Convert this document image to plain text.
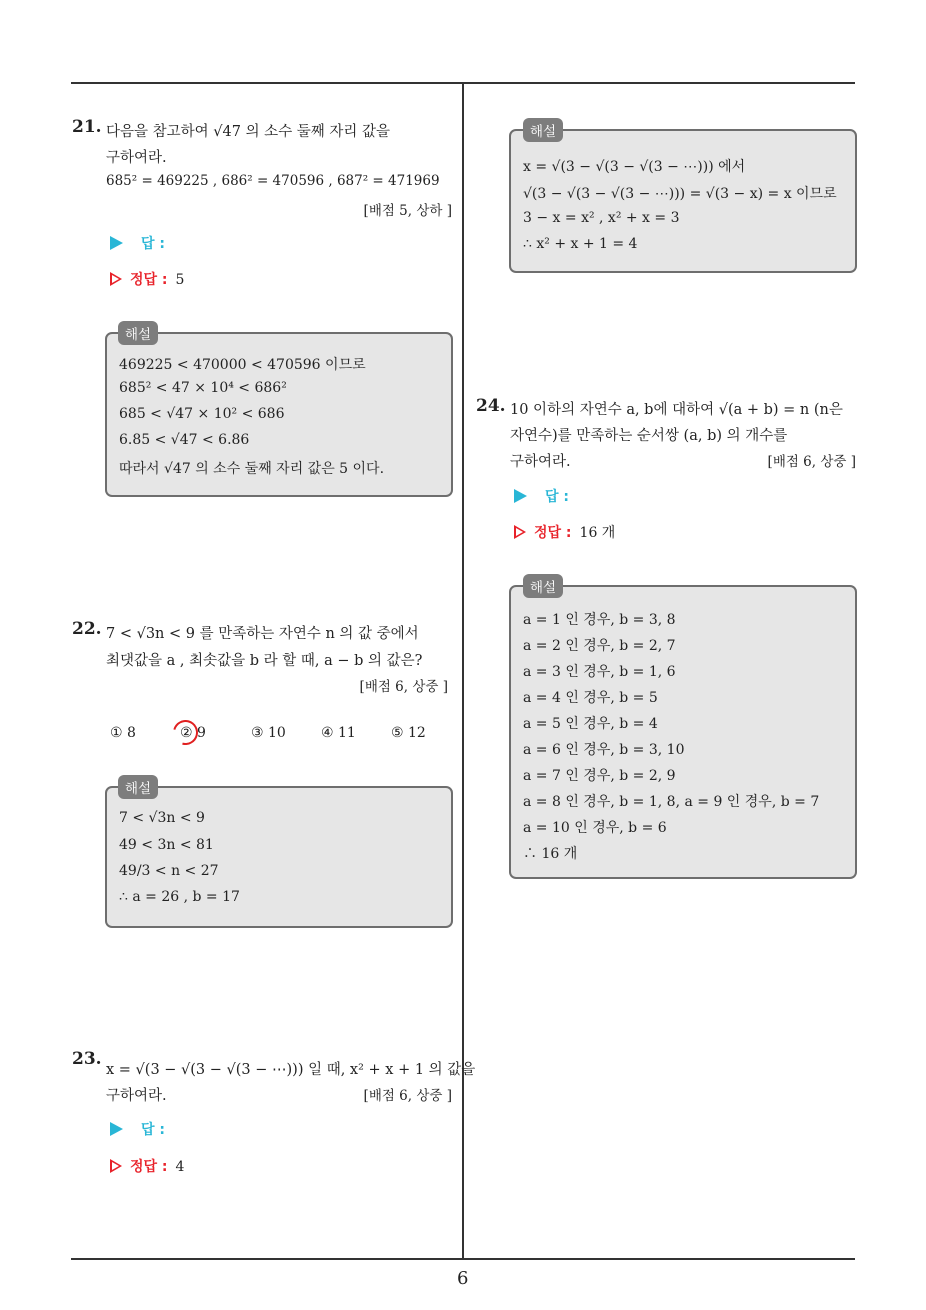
21. 다음을 참고하여 √47 의 소수 둘째 자리 값을
구하여라.
685² = 469225 , 686² = 470596 , 687² = 471969
[배점 5, 상하 ]
답 :
정답 : 5
469225 < 470000 < 470596 이므로
685² < 47 × 10⁴ < 686²
685 < √47 × 10² < 686
6.85 < √47 < 6.86
따라서 √47 의 소수 둘째 자리 값은 5 이다.
해설
22. 7 < √3n < 9 를 만족하는 자연수 n 의 값 중에서
최댓값을 a , 최솟값을 b 라 할 때, a − b 의 값은?
[배점 6, 상중 ]
① 8	② 9	③ 10	④ 11	⑤ 12
7 < √3n < 9
49 < 3n < 81
49/3 < n < 27
∴ a = 26 , b = 17
해설
23.
x = √(3 − √(3 − √(3 − ⋯))) 일 때, x² + x + 1 의 값을
구하여라.	[배점 6, 상중 ]
답 :
정답 : 4
x = √(3 − √(3 − √(3 − ⋯))) 에서
√(3 − √(3 − √(3 − ⋯))) = √(3 − x) = x 이므로
3 − x = x² , x² + x = 3
∴ x² + x + 1 = 4
해설
24. 10 이하의 자연수 a, b에 대하여 √(a + b) = n (n은
자연수)를 만족하는 순서쌍 (a, b) 의 개수를
구하여라.	[배점 6, 상중 ]
답 :
정답 : 16 개
a = 1 인 경우, b = 3, 8
a = 2 인 경우, b = 2, 7
a = 3 인 경우, b = 1, 6
a = 4 인 경우, b = 5
a = 5 인 경우, b = 4
a = 6 인 경우, b = 3, 10
a = 7 인 경우, b = 2, 9
a = 8 인 경우, b = 1, 8, a = 9 인 경우, b = 7
a = 10 인 경우, b = 6
∴ 16 개
해설
6
